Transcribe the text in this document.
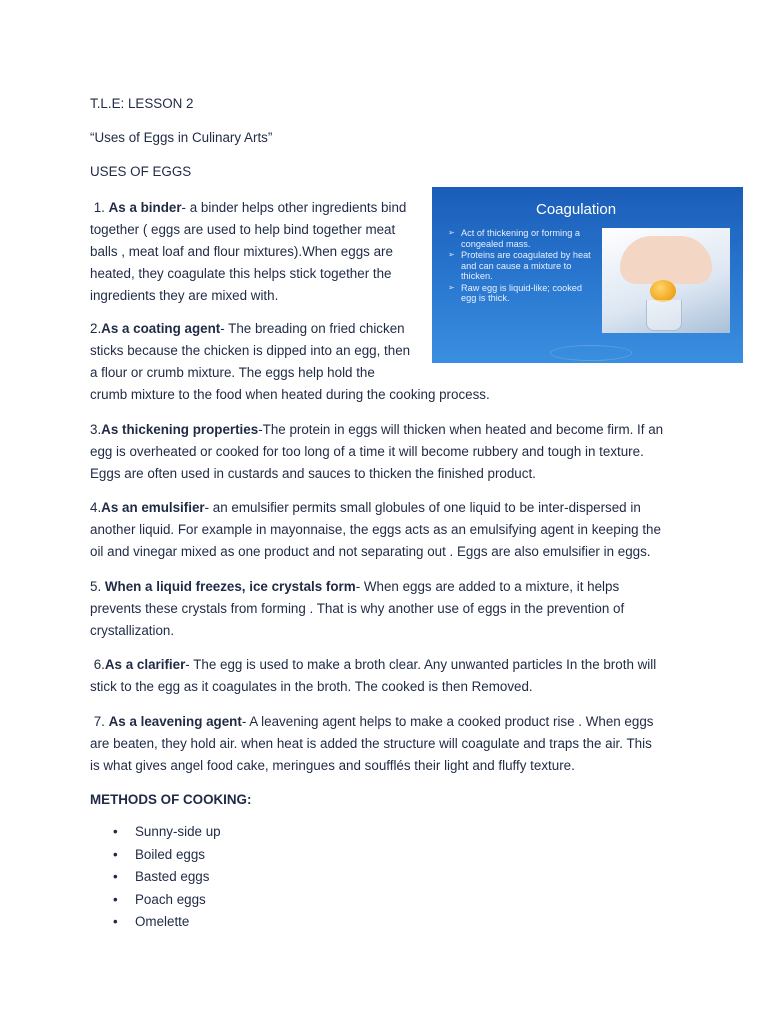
T.L.E: LESSON 2
“Uses of Eggs in Culinary Arts”
USES OF EGGS
Coagulation
➢ Act of thickening or forming a congealed mass.
➢ Proteins are coagulated by heat and can cause a mixture to thicken.
➢ Raw egg is liquid-like; cooked egg is thick.
1. As a binder- a binder helps other ingredients bind
together ( eggs are used to help bind together meat
balls , meat loaf and flour mixtures).When eggs are
heated, they coagulate this helps stick together the
ingredients they are mixed with.
2.As a coating agent- The breading on fried chicken
sticks because the chicken is dipped into an egg, then
a flour or crumb mixture. The eggs help hold the
crumb mixture to the food when heated during the cooking process.
3.As thickening properties-The protein in eggs will thicken when heated and become firm. If an
egg is overheated or cooked for too long of a time it will become rubbery and tough in texture.
Eggs are often used in custards and sauces to thicken the finished product.
4.As an emulsifier- an emulsifier permits small globules of one liquid to be inter-dispersed in
another liquid. For example in mayonnaise, the eggs acts as an emulsifying agent in keeping the
oil and vinegar mixed as one product and not separating out . Eggs are also emulsifier in eggs.
5. When a liquid freezes, ice crystals form- When eggs are added to a mixture, it helps
prevents these crystals from forming . That is why another use of eggs in the prevention of
crystallization.
6.As a clarifier- The egg is used to make a broth clear. Any unwanted particles In the broth will
stick to the egg as it coagulates in the broth. The cooked is then Removed.
7. As a leavening agent- A leavening agent helps to make a cooked product rise . When eggs
are beaten, they hold air. when heat is added the structure will coagulate and traps the air. This
is what gives angel food cake, meringues and soufflés their light and fluffy texture.
METHODS OF COOKING:
• Sunny-side up
• Boiled eggs
• Basted eggs
• Poach eggs
• Omelette
